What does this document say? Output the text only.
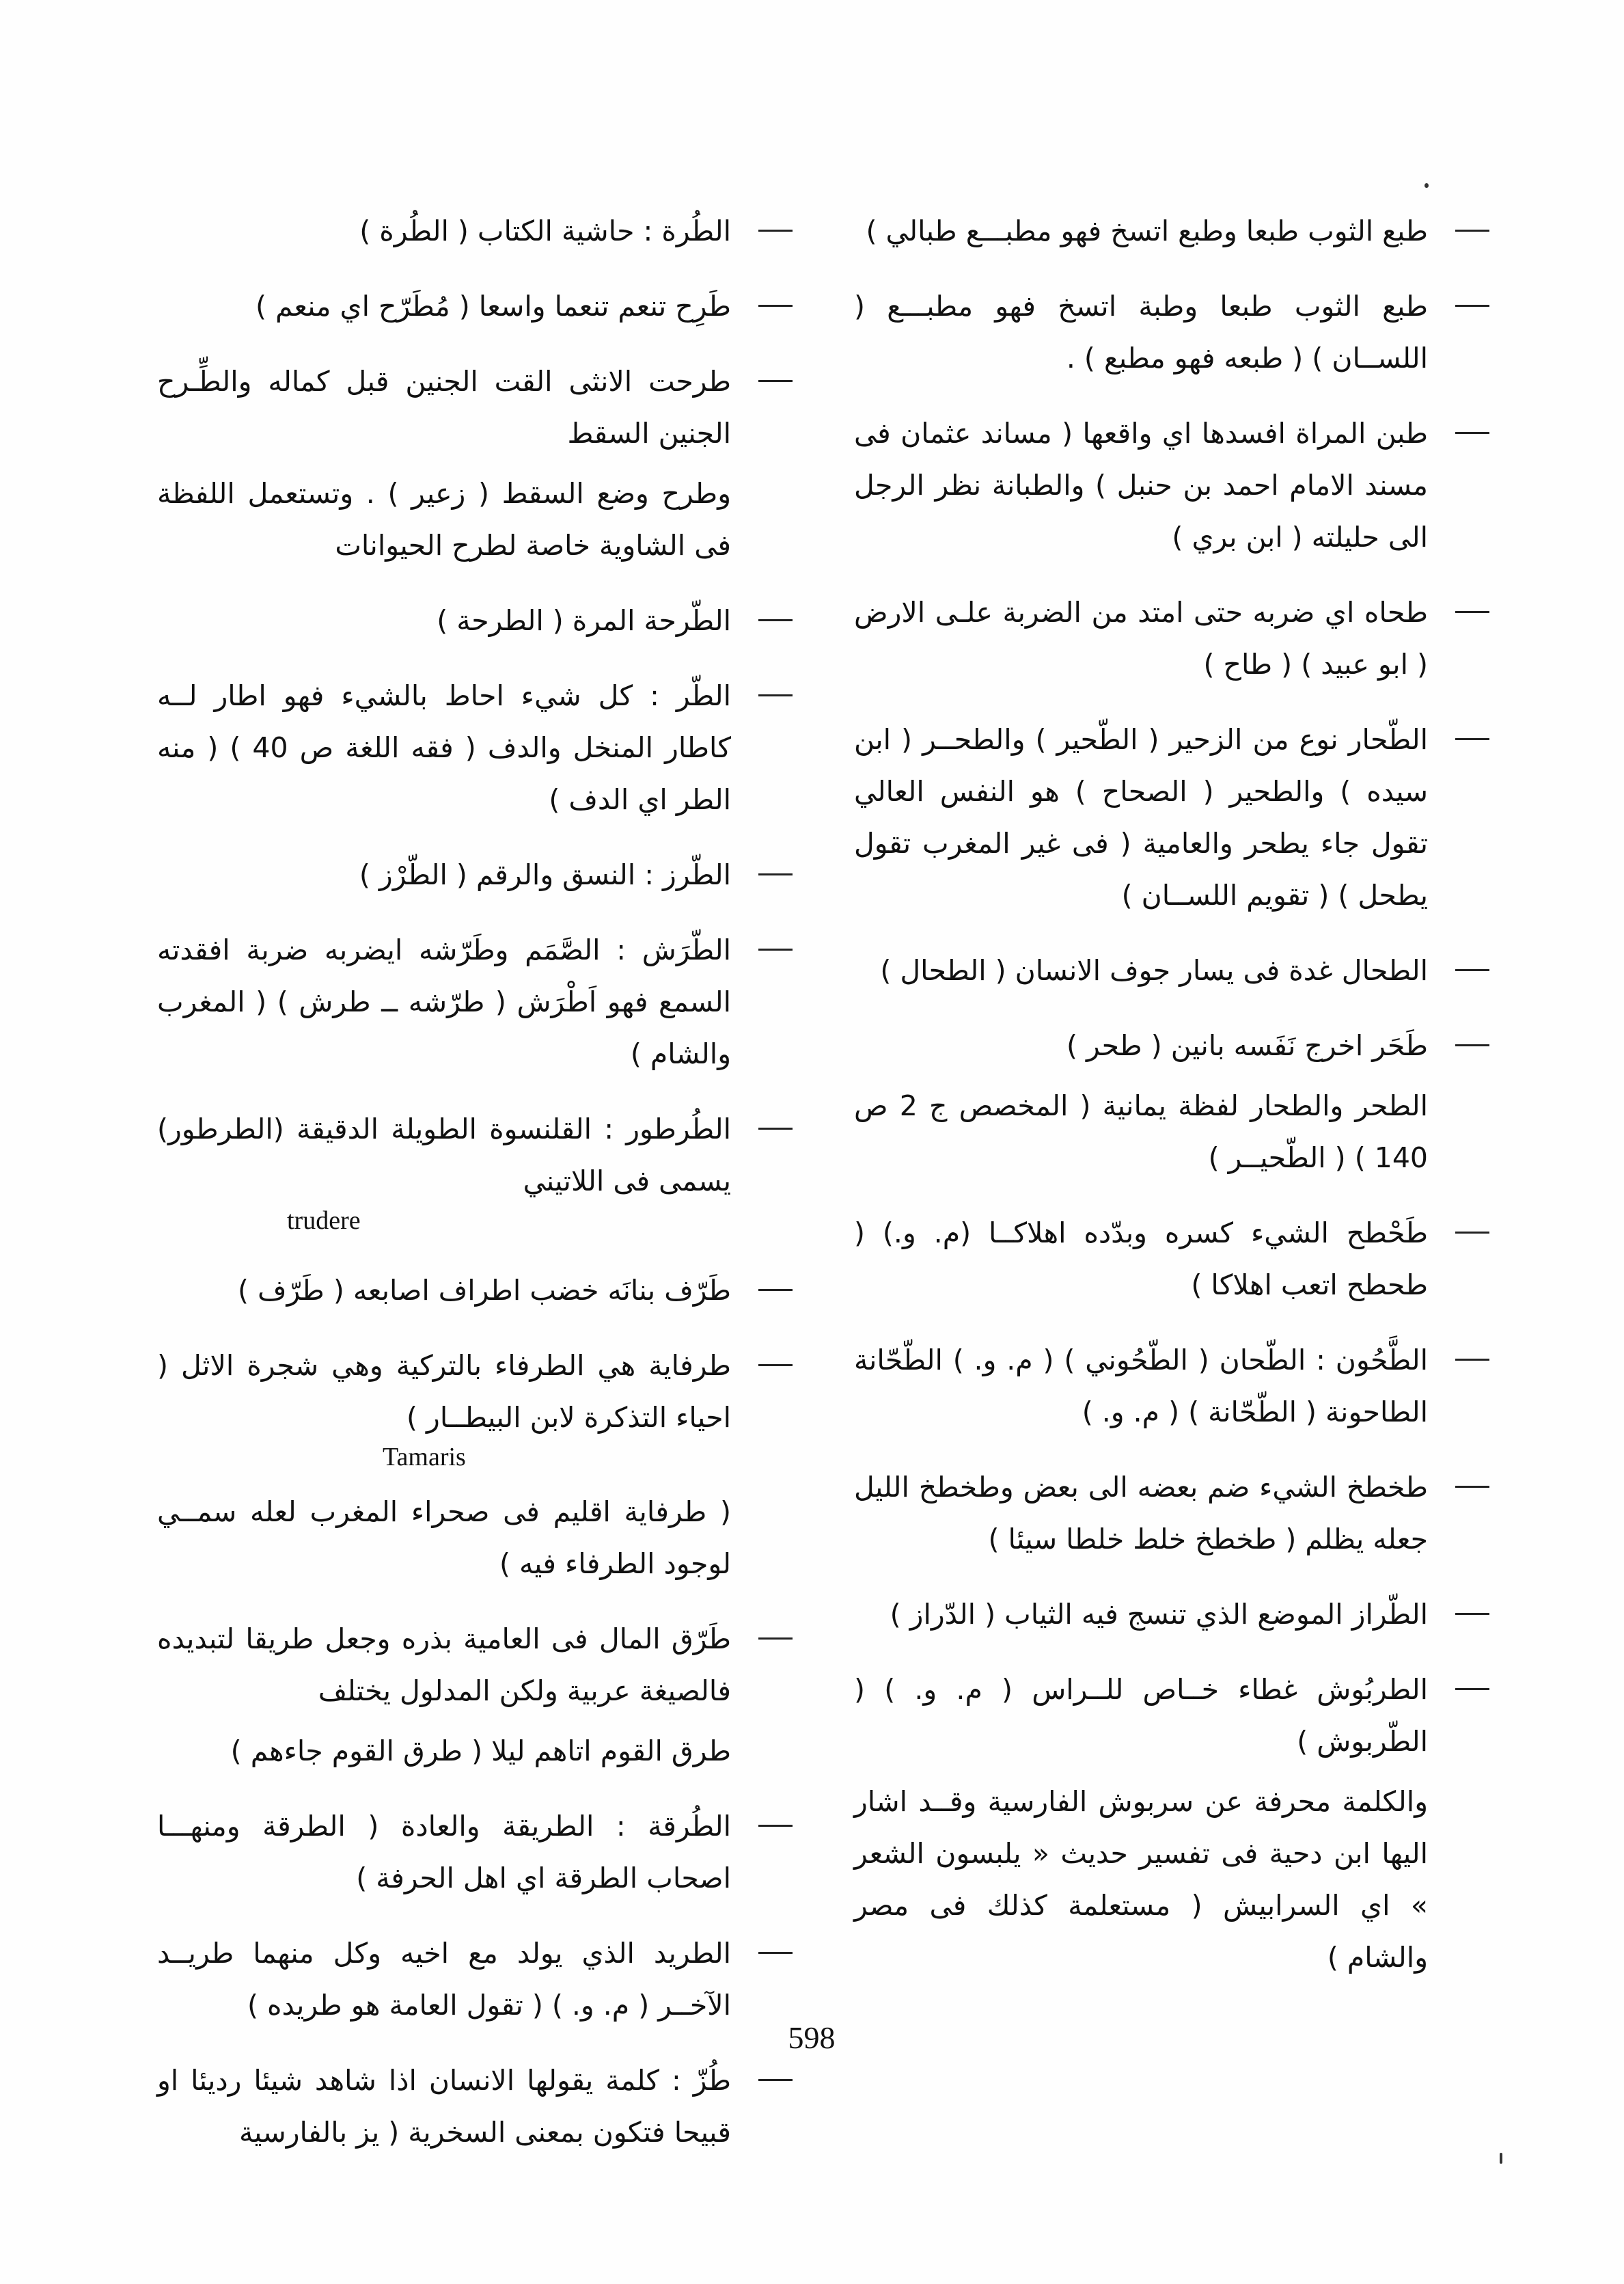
طبع الثوب طبعا وطبع اتسخ فهو مطبـــع طبالي )

طبع الثوب طبعا وطبة اتسخ فهو مطبـــع ( اللســان ) ( طبعه فهو مطبع ) .

طبن المراة افسدها اي واقعها ( مساند عثمان فى مسند الامام احمد بن حنبل ) والطبانة نظر الرجل الى حليلته ( ابن بري )

طحاه اي ضربه حتى امتد من الضربة علـى الارض ( ابو عبيد ) ( طاح )

الطّحار نوع من الزحير ( الطّحير ) والطحــر ( ابن سيده ) والطحير ( الصحاح ) هو النفس العالي تقول جاء يطحر والعامية ( فى غير المغرب تقول يطحل ) ( تقويم اللســان )

الطحال غدة فى يسار جوف الانسان ( الطحال )

طَحَر اخرج نَفَسه بانين ( طحر )

الطحر والطحار لفظة يمانية ( المخصص ج 2 ص 140 ) ( الطّحيــر )

طَحْطح الشيء كسره وبدّده اهلاكــا (م. و.) ( طحطح اتعب اهلاكا )

الطَّحُون : الطّحان ( الطّحُوني ) ( م. و. ) الطّحّانة الطاحونة ( الطّحّانة ) ( م. و. )

طخطخ الشيء ضم بعضه الى بعض وطخطخ الليل جعله يظلم ( طخطخ خلط خلطا سيئا )

الطّراز الموضع الذي تنسج فيه الثياب ( الدّراز )

الطربُوش غطاء خــاص للــراس ( م. و. ) ( الطّربوش )

والكلمة محرفة عن سربوش الفارسية وقــد اشار اليها ابن دحية فى تفسير حديث « يلبسون الشعر » اي السرابيش ( مستعلمة كذلك فى مصر والشام )

الطُرة : حاشية الكتاب ( الطُرة )

طَرِح تنعم تنعما واسعا ( مُطَرّح اي منعم )

طرحت الانثى القت الجنين قبل كماله والطِّـرح الجنين السقط

وطرح وضع السقط ( زعير ) . وتستعمل اللفظة فى الشاوية خاصة لطرح الحيوانات

الطّرحة المرة ( الطرحة )

الطّر : كل شيء احاط بالشيء فهو اطار لــه كاطار المنخل والدف ( فقه اللغة ص 40 ) ( منه الطر اي الدف )

الطّرز : النسق والرقم ( الطّرْز )

الطّرَش : الصَّمَم وطَرّشه ايضربه ضربة افقدته السمع فهو اَطْرَش ( طرّشه ــ طرش ) ( المغرب والشام )

الطُرطور : القلنسوة الطويلة الدقيقة (الطرطور) يسمى فى اللاتيني

trudere

طَرّف بنانَه خضب اطراف اصابعه ( طَرّف )

طرفاية هي الطرفاء بالتركية وهي شجرة الاثل ( احياء التذكرة لابن البيطــار )

Tamaris

( طرفاية اقليم فى صحراء المغرب لعله سمــي لوجود الطرفاء فيه )

طَرّق المال فى العامية بذره وجعل طريقا لتبديده فالصيغة عربية ولكن المدلول يختلف

طرق القوم اتاهم ليلا ( طرق القوم جاءهم )

الطُرقة : الطريقة والعادة ( الطرقة ومنهـــا اصحاب الطرقة اي اهل الحرفة )

الطريد الذي يولد مع اخيه وكل منهما طريــد الآخــر ( م. و. ) ( تقول العامة هو طريده )

طُزّ : كلمة يقولها الانسان اذا شاهد شيئا رديئا او قبيحا فتكون بمعنى السخرية ( يز بالفارسية

598
